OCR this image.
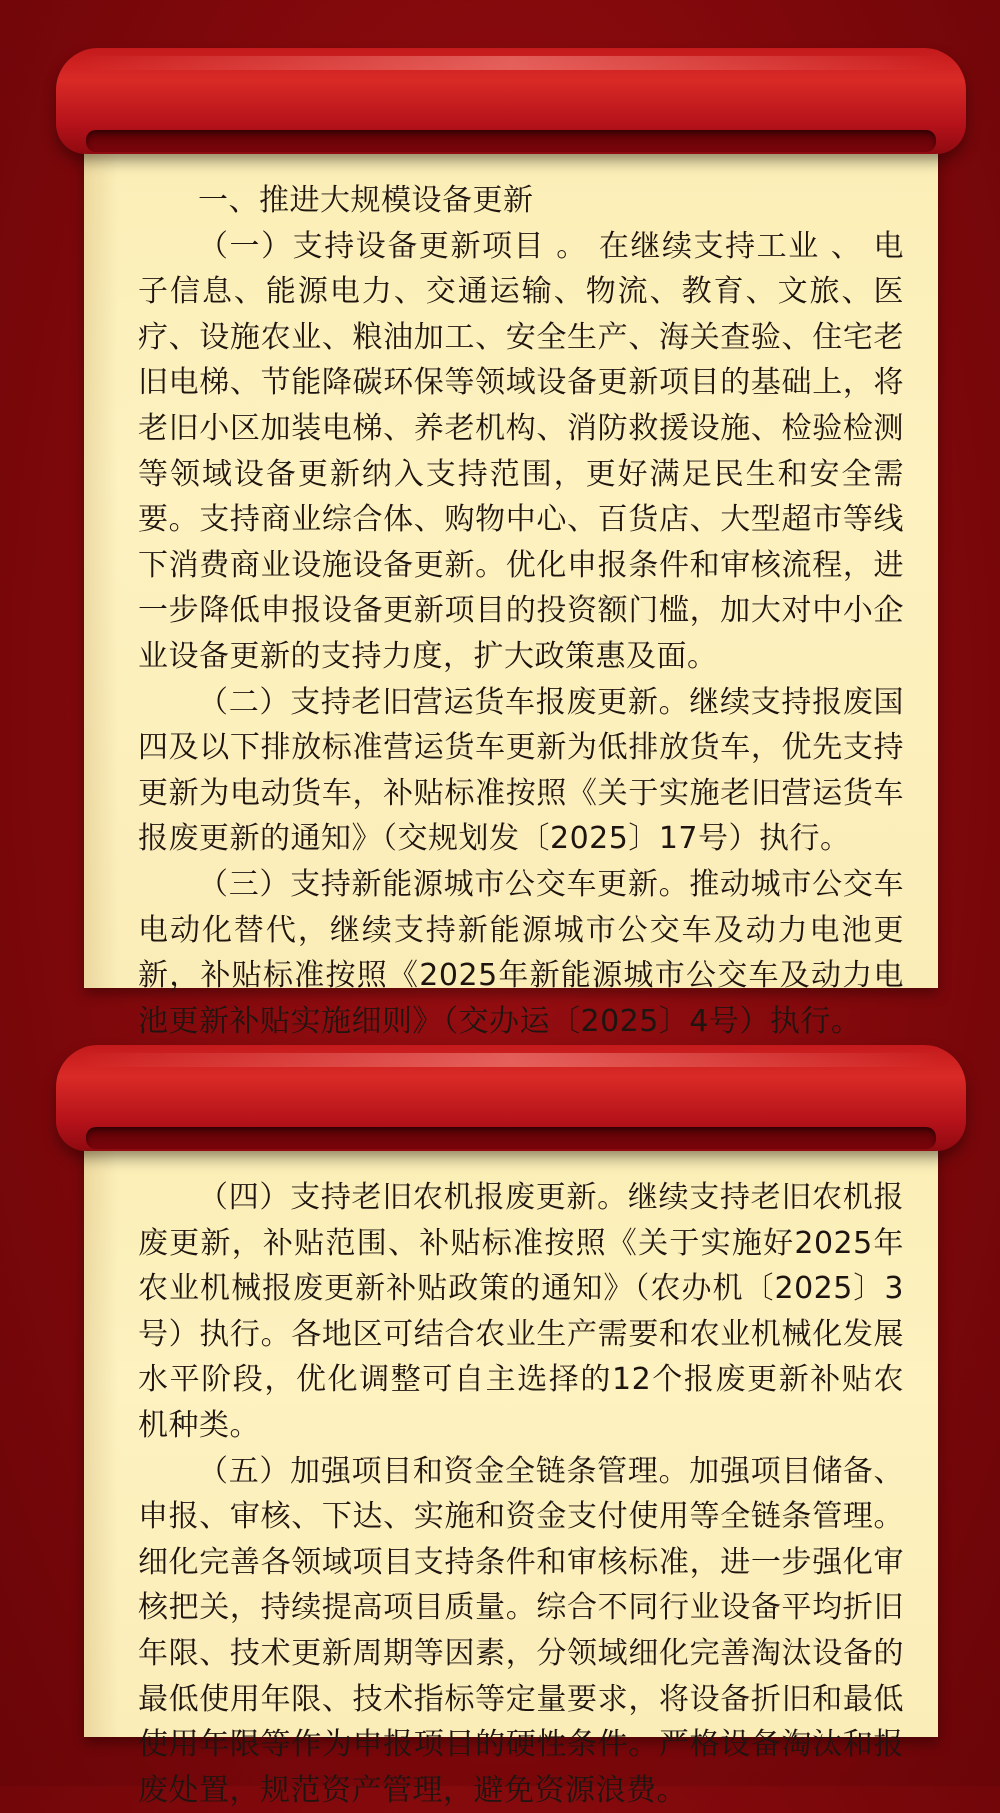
一、推进大规模设备更新

（一）支持设备更新项目 。 在继续支持工业 、 电子信息、能源电力、交通运输、物流、教育、文旅、医疗、设施农业、粮油加工、安全生产、海关查验、住宅老旧电梯、节能降碳环保等领域设备更新项目的基础上，将老旧小区加装电梯、养老机构、消防救援设施、检验检测等领域设备更新纳入支持范围，更好满足民生和安全需要。支持商业综合体、购物中心、百货店、大型超市等线下消费商业设施设备更新。优化申报条件和审核流程，进一步降低申报设备更新项目的投资额门槛，加大对中小企业设备更新的支持力度，扩大政策惠及面。

（二）支持老旧营运货车报废更新。继续支持报废国四及以下排放标准营运货车更新为低排放货车，优先支持更新为电动货车，补贴标准按照《关于实施老旧营运货车报废更新的通知》（交规划发〔2025〕17号）执行。

（三）支持新能源城市公交车更新。推动城市公交车电动化替代，继续支持新能源城市公交车及动力电池更新，补贴标准按照《2025年新能源城市公交车及动力电池更新补贴实施细则》（交办运〔2025〕4号）执行。

（四）支持老旧农机报废更新。继续支持老旧农机报废更新，补贴范围、补贴标准按照《关于实施好2025年农业机械报废更新补贴政策的通知》（农办机〔2025〕3号）执行。各地区可结合农业生产需要和农业机械化发展水平阶段，优化调整可自主选择的12个报废更新补贴农机种类。

（五）加强项目和资金全链条管理。加强项目储备、申报、审核、下达、实施和资金支付使用等全链条管理。细化完善各领域项目支持条件和审核标准，进一步强化审核把关，持续提高项目质量。综合不同行业设备平均折旧年限、技术更新周期等因素，分领域细化完善淘汰设备的最低使用年限、技术指标等定量要求，将设备折旧和最低使用年限等作为申报项目的硬性条件。严格设备淘汰和报废处置，规范资产管理，避免资源浪费。
